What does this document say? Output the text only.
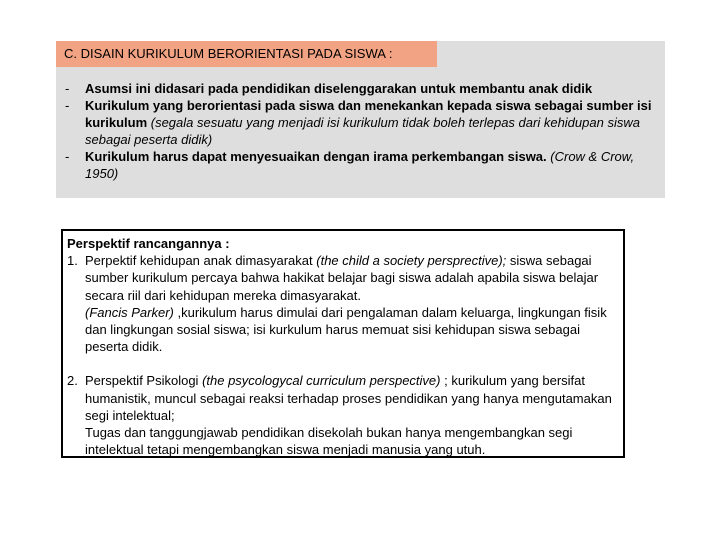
C. DISAIN KURIKULUM BERORIENTASI PADA SISWA :
-	Asumsi ini didasari pada pendidikan diselenggarakan untuk membantu anak didik
-	Kurikulum yang berorientasi pada siswa dan menekankan kepada siswa sebagai sumber isi kurikulum (segala sesuatu yang menjadi isi kurikulum tidak boleh terlepas dari kehidupan siswa sebagai peserta didik)
-	Kurikulum harus dapat menyesuaikan dengan irama perkembangan siswa. (Crow & Crow, 1950)
Perspektif rancangannya :
1. Perpektif kehidupan anak dimasyarakat (the child a society persprective); siswa sebagai sumber kurikulum percaya bahwa hakikat belajar bagi siswa adalah apabila siswa belajar secara riil dari kehidupan mereka dimasyarakat.
(Fancis Parker) ,kurikulum harus dimulai dari pengalaman dalam keluarga, lingkungan fisik dan lingkungan sosial siswa; isi kurkulum harus memuat sisi kehidupan siswa sebagai peserta didik.
2. Perspektif Psikologi (the psycologycal curriculum perspective) ; kurikulum yang bersifat humanistik, muncul sebagai reaksi terhadap proses pendidikan yang hanya mengutamakan segi intelektual;
Tugas dan tanggungjawab pendidikan disekolah bukan hanya mengembangkan segi intelektual tetapi mengembangkan siswa menjadi manusia yang utuh.
